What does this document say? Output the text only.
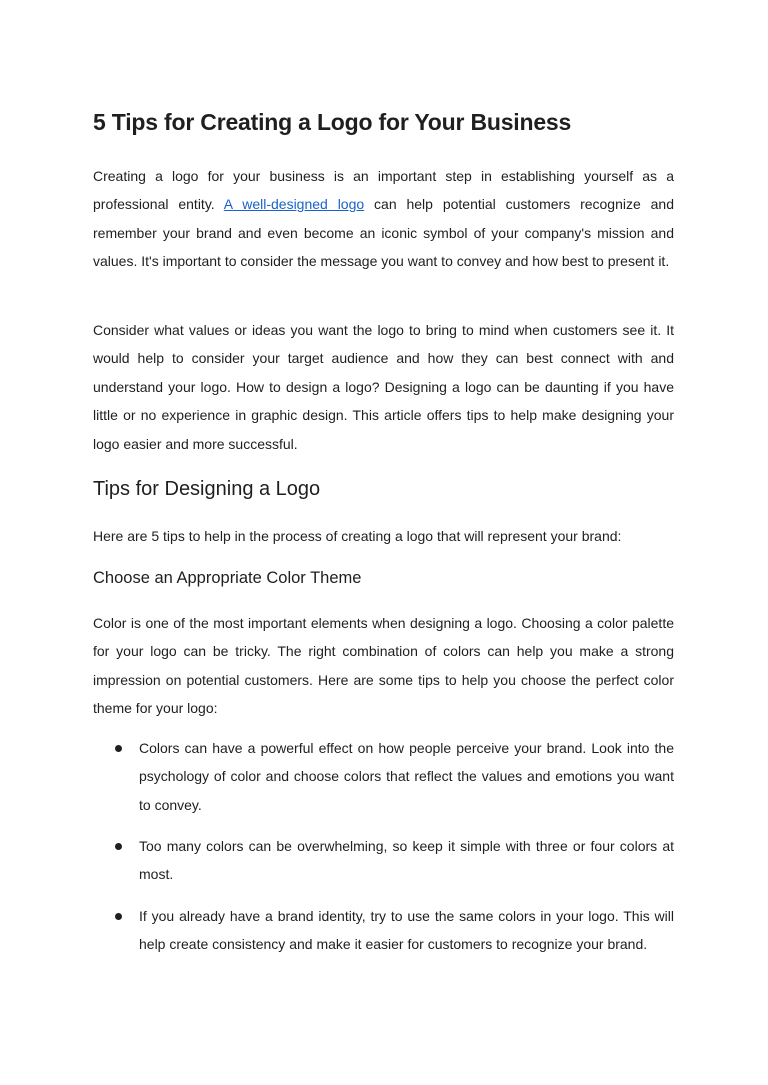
5 Tips for Creating a Logo for Your Business

Creating a logo for your business is an important step in establishing yourself as a professional entity. A well-designed logo can help potential customers recognize and remember your brand and even become an iconic symbol of your company's mission and values. It's important to consider the message you want to convey and how best to present it.

Consider what values or ideas you want the logo to bring to mind when customers see it. It would help to consider your target audience and how they can best connect with and understand your logo. How to design a logo? Designing a logo can be daunting if you have little or no experience in graphic design. This article offers tips to help make designing your logo easier and more successful.

Tips for Designing a Logo

Here are 5 tips to help in the process of creating a logo that will represent your brand:

Choose an Appropriate Color Theme

Color is one of the most important elements when designing a logo. Choosing a color palette for your logo can be tricky. The right combination of colors can help you make a strong impression on potential customers. Here are some tips to help you choose the perfect color theme for your logo:

Colors can have a powerful effect on how people perceive your brand. Look into the psychology of color and choose colors that reflect the values and emotions you want to convey.
Too many colors can be overwhelming, so keep it simple with three or four colors at most.
If you already have a brand identity, try to use the same colors in your logo. This will help create consistency and make it easier for customers to recognize your brand.
